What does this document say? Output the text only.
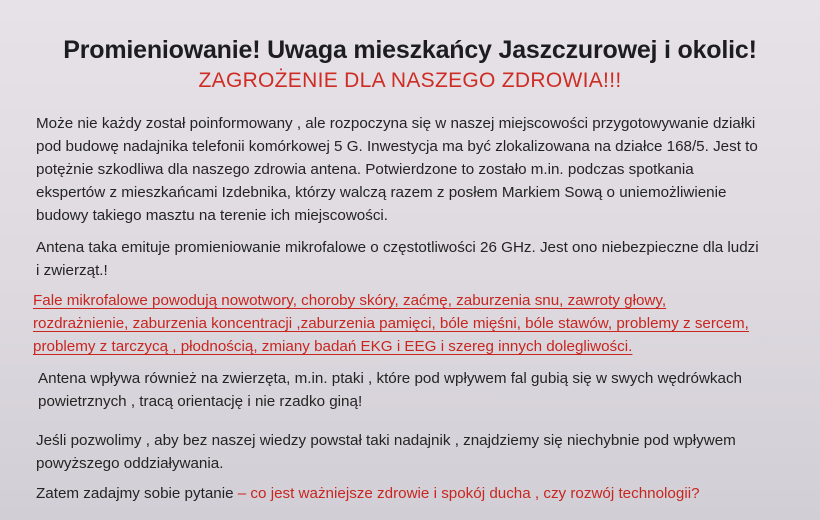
Promieniowanie! Uwaga mieszkańcy Jaszczurowej i okolic!
ZAGROŻENIE DLA NASZEGO ZDROWIA!!!

Może nie każdy został poinformowany , ale rozpoczyna się w naszej miejscowości przygotowywanie działki
pod budowę nadajnika telefonii komórkowej 5 G. Inwestycja ma być zlokalizowana na działce 168/5. Jest to
potężnie szkodliwa dla naszego zdrowia antena. Potwierdzone to zostało m.in. podczas spotkania
ekspertów z mieszkańcami Izdebnika, którzy walczą razem z posłem Markiem Sową o uniemożliwienie
budowy takiego masztu na terenie ich miejscowości.

Antena taka emituje promieniowanie mikrofalowe o częstotliwości 26 GHz. Jest ono niebezpieczne dla ludzi
i zwierząt.!

Fale mikrofalowe powodują nowotwory, choroby skóry, zaćmę, zaburzenia snu, zawroty głowy,
rozdrażnienie, zaburzenia koncentracji ,zaburzenia pamięci, bóle mięśni, bóle stawów, problemy z sercem,
problemy z tarczycą , płodnością, zmiany badań EKG i EEG i szereg innych dolegliwości.

Antena wpływa również na zwierzęta, m.in. ptaki , które pod wpływem fal gubią się w swych wędrówkach
powietrznych , tracą orientację i nie rzadko giną!

Jeśli pozwolimy , aby bez naszej wiedzy powstał taki nadajnik , znajdziemy się niechybnie pod wpływem
powyższego oddziaływania.

Zatem zadajmy sobie pytanie – co jest ważniejsze zdrowie i spokój ducha , czy rozwój technologii?
